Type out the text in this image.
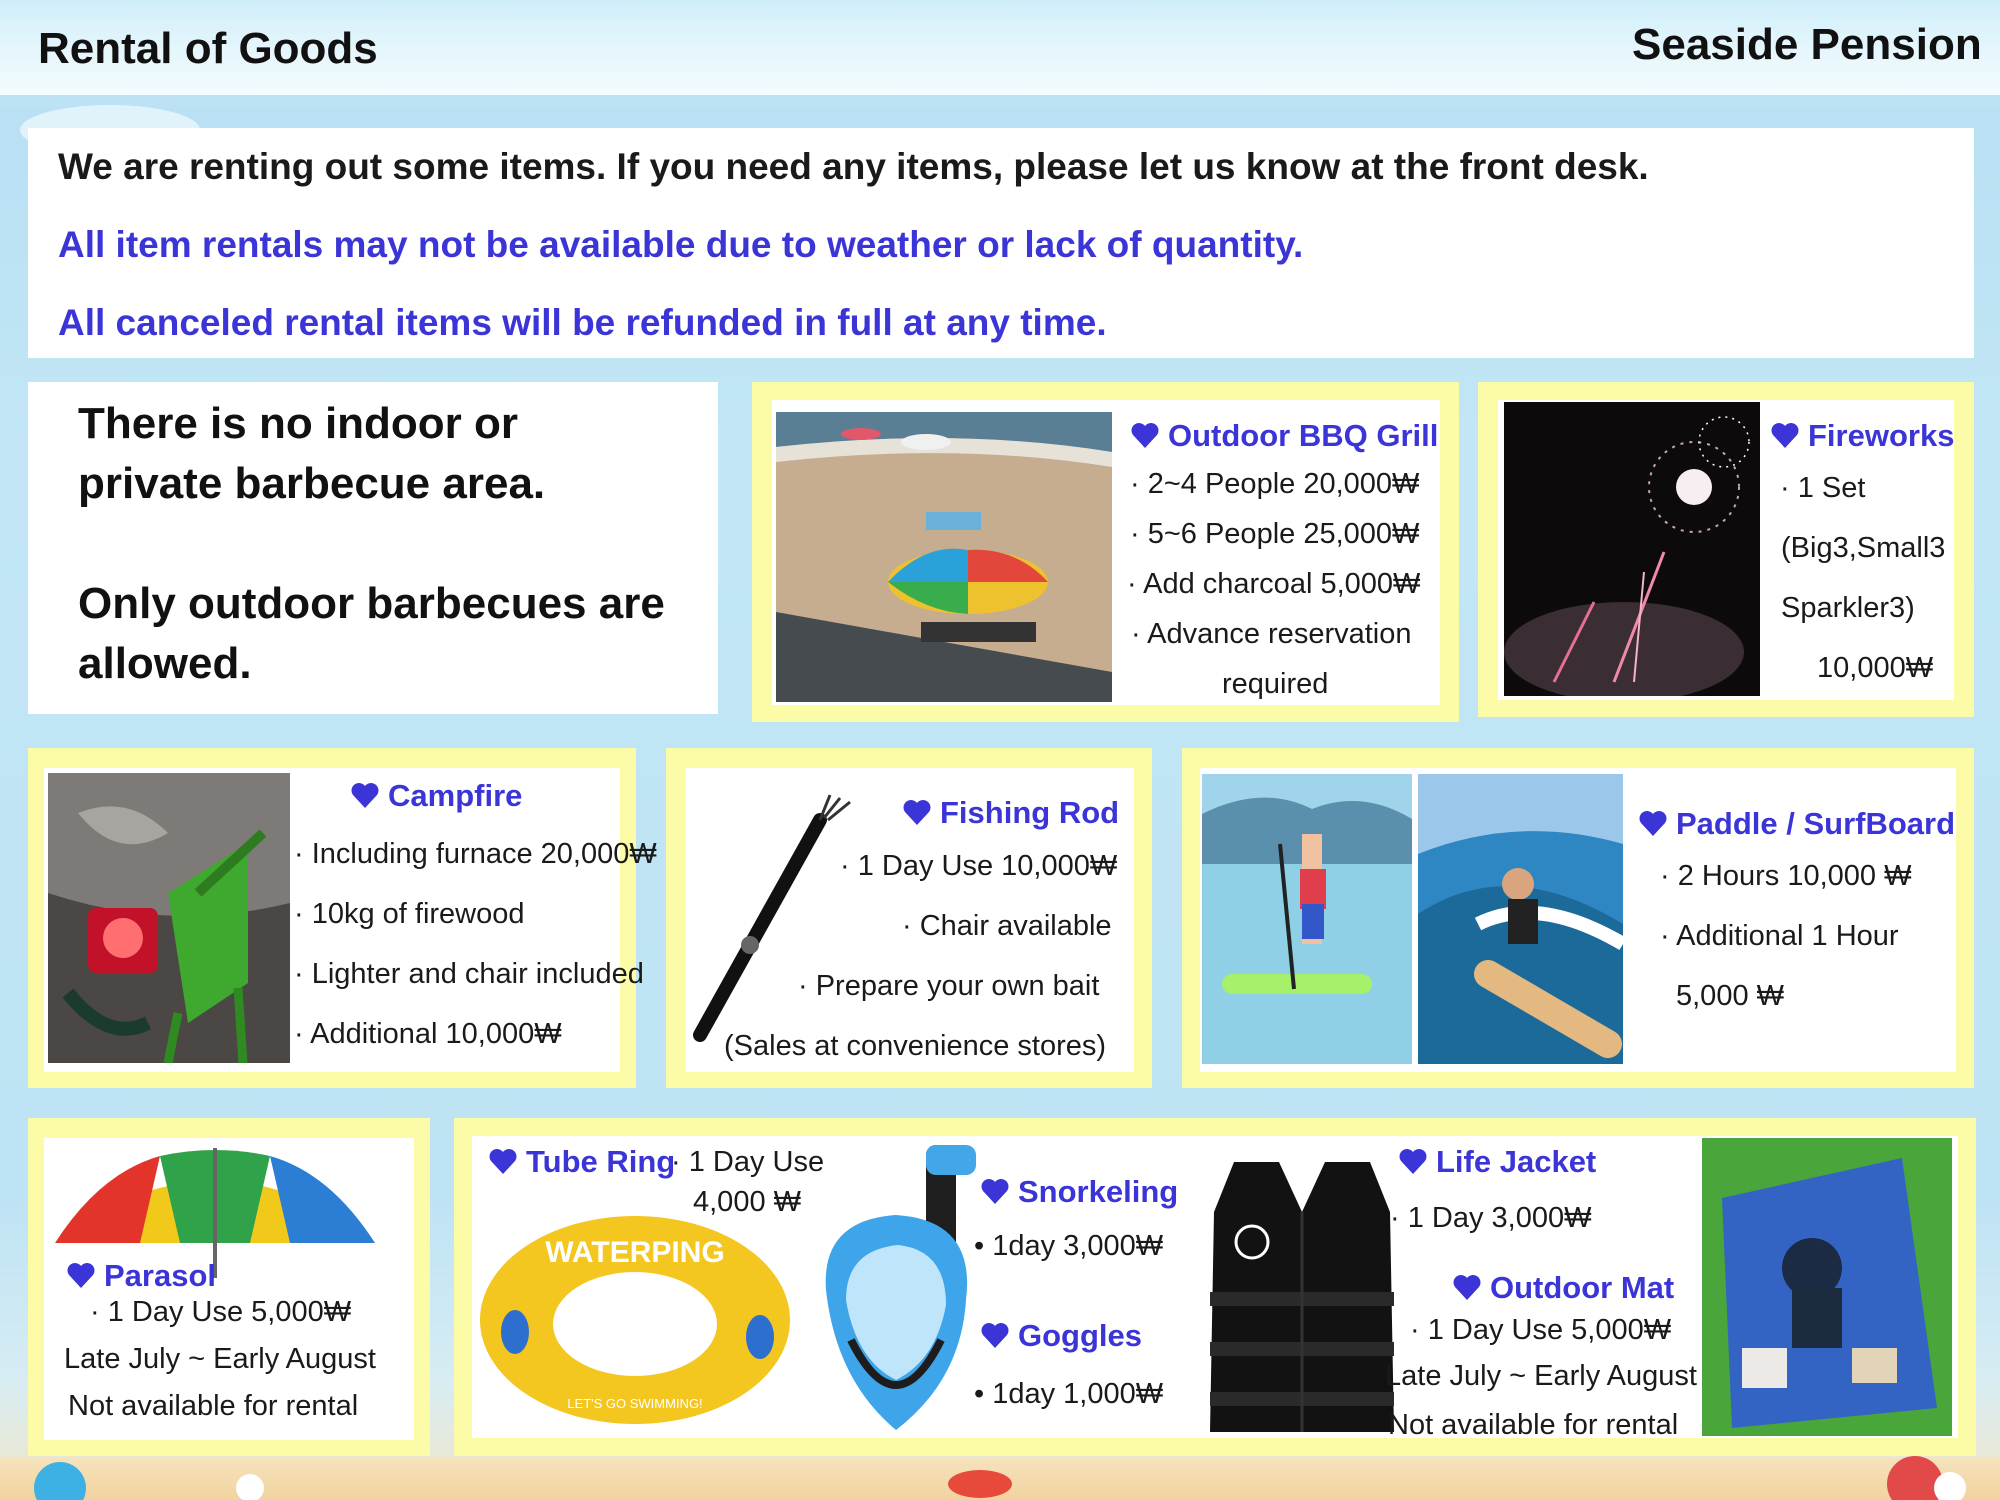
Rental of Goods	Seaside Pension
We are renting out some items. If you need any items, please let us know at the front desk.
All item rentals may not be available due to weather or lack of quantity.
All canceled rental items will be refunded in full at any time.
There is no indoor or
private barbecue area.
Only outdoor barbecues are
allowed.
Outdoor BBQ Grill
· 2~4 People 20,000₩
· 5~6 People 25,000₩
· Add charcoal 5,000₩
· Advance reservation
required
Fireworks
· 1 Set
(Big3,Small3
Sparkler3)
10,000₩
Campfire
· Including furnace 20,000₩
· 10kg of firewood
· Lighter and chair included
· Additional 10,000₩
Fishing Rod
· 1 Day Use 10,000₩
· Chair available
· Prepare your own bait
(Sales at convenience stores)
Paddle / SurfBoard
· 2 Hours 10,000 ₩
· Additional 1 Hour
5,000 ₩
Parasol
· 1 Day Use 5,000₩
Late July ~ Early August
Not available for rental
Tube Ring
· 1 Day Use
4,000 ₩
WATERPING
LET'S GO SWIMMING!
Snorkeling
• 1day 3,000₩
Goggles
• 1day 1,000₩
Life Jacket
· 1 Day 3,000₩
Outdoor Mat
· 1 Day Use 5,000₩
Late July ~ Early August
Not available for rental
